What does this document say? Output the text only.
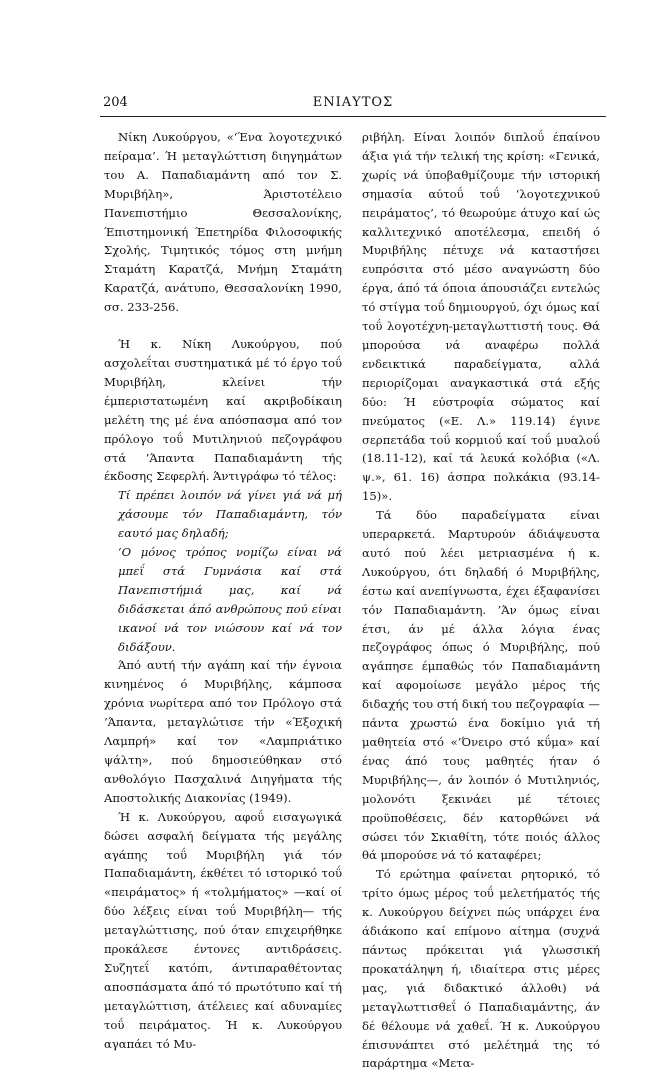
ΕΝΙΑΥΤΟΣ
204

Νίκη Λυκούργου, «‘Ένα λογοτεχνικό πείραμα’. Ή μεταγλώττιση διηγημάτων του Α. Παπαδιαμάντη από τον Σ. Μυριβήλη», Άριστοτέλειο Πανεπιστήμιο Θεσσαλονίκης, Έπιστημονική Έπετηρίδα Φιλοσοφικής Σχολής, Τιμητικός τόμος στη μνήμη Σταμάτη Καρατζά, Μνήμη Σταμάτη Καρατζά, ανάτυπο, Θεσσαλονίκη 1990, σσ. 233-256.

Ή κ. Νίκη Λυκούργου, πού ασχολεΐται συστηματικά μέ τό έργο τοΰ Μυριβήλη, κλείνει τήν έμπεριστατωμένη καί ακριβοδίκαιη μελέτη της μέ ένα απόσπασμα από τον πρόλογο τοΰ Μυτιληνιού πεζογράφου στά ’Άπαντα Παπαδιαμάντη τής έκδοσης Σεφερλή. Άντιγράφω τό τέλος:

Τί πρέπει λοιπόν νά γίνει γιά νά μή χάσουμε τόν Παπαδιαμάντη, τόν εαυτό μας δηλαδή;

‘Ο μόνος τρόπος νομίζω είναι νά μπεΐ στά Γυμνάσια καί στά Πανεπιστήμιά μας, καί νά διδάσκεται άπό ανθρώπους πού είναι ικανοί νά τον νιώσουν καί νά τον διδάξουν.

Άπό αυτή τήν αγάπη καί τήν έγνοια κινημένος ό Μυριβήλης, κάμποσα χρόνια νωρίτερα από τον Πρόλογο στά ’Άπαντα, μεταγλώτισε τήν «Έξοχική Λαμπρή» καί τον «Λαμπριάτικο ψάλτη», πού δημοσιεύθηκαν στό ανθολόγιο Πασχαλινά Διηγήματα τής Αποστολικής Διακονίας (1949).

Ή κ. Λυκούργου, αφοΰ εισαγωγικά δώσει ασφαλή δείγματα τής μεγάλης αγάπης τοΰ Μυριβήλη γιά τόν Παπαδιαμάντη, έκθέτει τό ιστορικό τοΰ «πειράματος» ή «τολμήματος» —καί οί δύο λέξεις είναι τοΰ Μυριβήλη— τής μεταγλώττισης, πού όταν επιχειρήθηκε προκάλεσε έντονες αντιδράσεις. Συζητεΐ κατόπι, άντιπαραθέτοντας αποσπάσματα άπό τό πρωτότυπο καί τή μεταγλώττιση, άτέλειες καί αδυναμίες τοΰ πειράματος. Ή κ. Λυκούργου αγαπάει τό Μυ-

ριβήλη. Είναι λοιπόν διπλοΰ έπαίνου άξια γιά τήν τελική της κρίση: «Γενικά, χωρίς νά ύποβαθμίζουμε τήν ιστορική σημασία αύτοΰ τοΰ ‘λογοτεχνικού πειράματος’, τό θεωρούμε άτυχο καί ώς καλλιτεχνικό αποτέλεσμα, επειδή ό Μυριβήλης πέτυχε νά καταστήσει ευπρόσιτα στό μέσο αναγνώστη δύο έργα, άπό τά όποια άπουσιάζει εντελώς τό στίγμα τοΰ δημιουργού, όχι όμως καί τοΰ λογοτέχνη-μεταγλωττιστή τους. Θά μπορούσα νά αναφέρω πολλά ενδεικτικά παραδείγματα, αλλά περιορίζομαι αναγκαστικά στά εξής δύο: Ή εύστροφία σώματος καί πνεύματος («Ε. Λ.» 119.14) έγινε σερπετάδα τοΰ κορμιοΰ καί τοΰ μυαλοΰ (18.11-12), καί τά λευκά κολόβια («Λ. ψ.», 61. 16) άσπρα πολκάκια (93.14-15)».

Τά δύο παραδείγματα είναι υπεραρκετά. Μαρτυρούν άδιάψευστα αυτό πού λέει μετριασμένα ή κ. Λυκούργου, ότι δηλαδή ό Μυριβήλης, έστω καί ανεπίγνωστα, έχει έξαφανίσει τόν Παπαδιαμάντη. ’Άν όμως είναι έτσι, άν μέ άλλα λόγια ένας πεζογράφος όπως ό Μυριβήλης, πού αγάπησε έμπαθώς τόν Παπαδιαμάντη καί αφομοίωσε μεγάλο μέρος τής διδαχής του στή δική του πεζογραφία —πάντα χρωστώ ένα δοκίμιο γιά τή μαθητεία στό «’Όνειρο στό κΰμα» καί ένας άπό τους μαθητές ήταν ό Μυριβήλης—, άν λοιπόν ό Μυτιληνιός, μολονότι ξεκινάει μέ τέτοιες προϋποθέσεις, δέν κατορθώνει νά σώσει τόν Σκιαθίτη, τότε ποιός άλλος θά μπορούσε νά τό καταφέρει;

Τό ερώτημα φαίνεται ρητορικό, τό τρίτο όμως μέρος τοΰ μελετήματός τής κ. Λυκούργου δείχνει πώς υπάρχει ένα άδιάκοπο καί επίμονο αίτημα (συχνά πάντως πρόκειται γιά γλωσσική προκατάληψη ή, ιδιαίτερα στις μέρες μας, γιά διδακτικό άλλοθι) νά μεταγλωττισθεΐ ό Παπαδιαμάντης, άν δέ θέλουμε νά χαθεΐ. Ή κ. Λυκούργου έπισυνάπτει στό μελέτημά της τό παράρτημα «Μετα-
